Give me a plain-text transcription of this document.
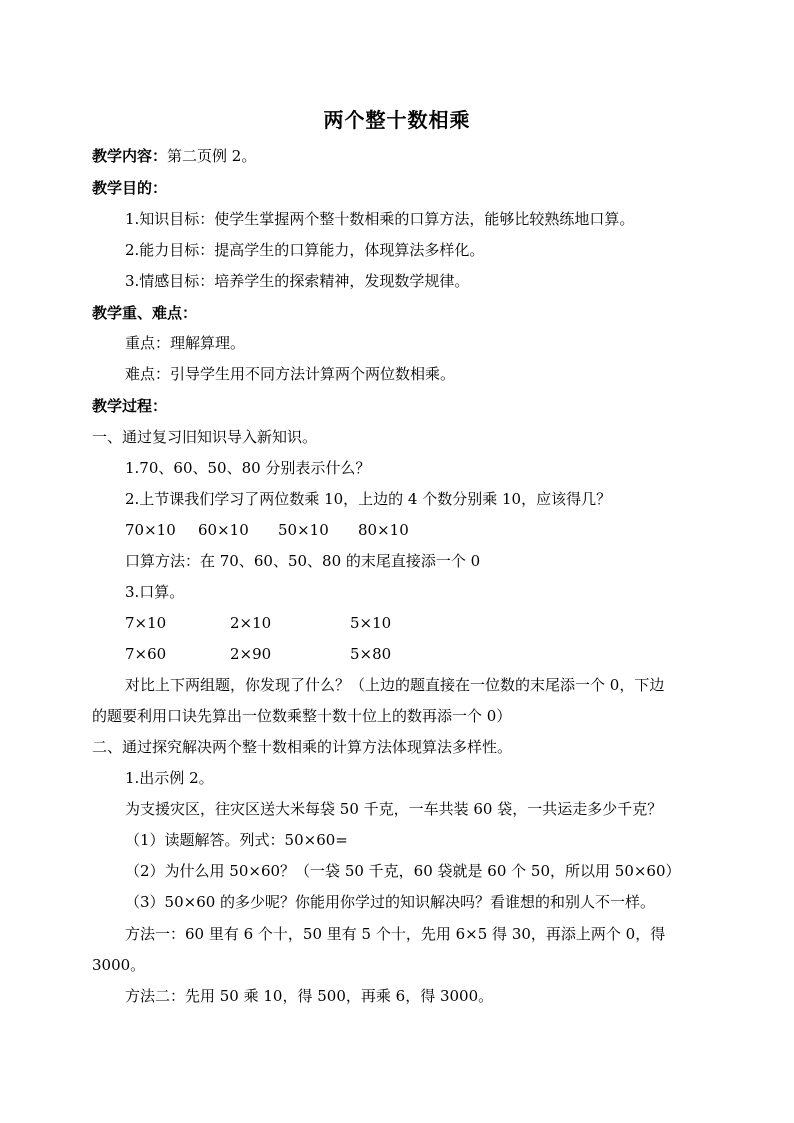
两个整十数相乘
教学内容：第二页例 2。
教学目的：
1.知识目标：使学生掌握两个整十数相乘的口算方法，能够比较熟练地口算。
2.能力目标：提高学生的口算能力，体现算法多样化。
3.情感目标：培养学生的探索精神，发现数学规律。
教学重、难点：
重点：理解算理。
难点：引导学生用不同方法计算两个两位数相乘。
教学过程：
一、通过复习旧知识导入新知识。
1.70、60、50、80 分别表示什么？
2.上节课我们学习了两位数乘 10，上边的 4 个数分别乘 10，应该得几？
70×10 60×10 50×10 80×10
口算方法：在 70、60、50、80 的末尾直接添一个 0
3.口算。
7×10	2×10	5×10
7×60	2×90	5×80
对比上下两组题，你发现了什么？（上边的题直接在一位数的末尾添一个 0，下边
的题要利用口诀先算出一位数乘整十数十位上的数再添一个 0）
二、通过探究解决两个整十数相乘的计算方法体现算法多样性。
1.出示例 2。
为支援灾区，往灾区送大米每袋 50 千克，一车共装 60 袋，一共运走多少千克？
（1）读题解答。列式：50×60=
（2）为什么用 50×60？（一袋 50 千克，60 袋就是 60 个 50，所以用 50×60）
（3）50×60 的多少呢？你能用你学过的知识解决吗？看谁想的和别人不一样。
方法一：60 里有 6 个十，50 里有 5 个十，先用 6×5 得 30，再添上两个 0，得
3000。
方法二：先用 50 乘 10，得 500，再乘 6，得 3000。
